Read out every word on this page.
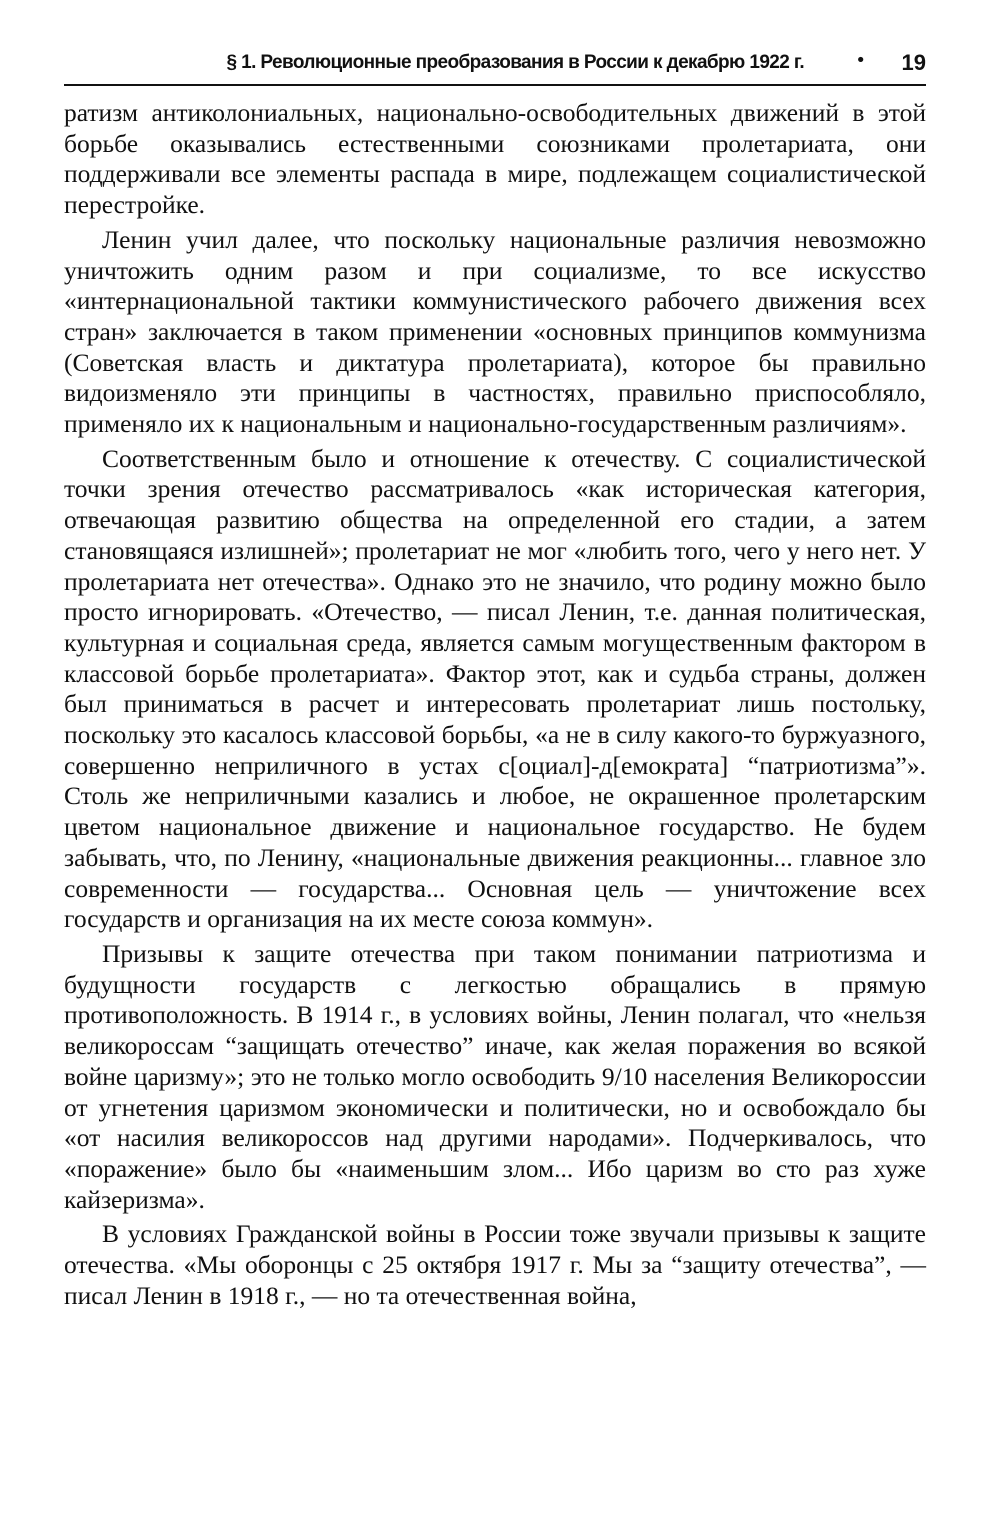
§ 1. Революционные преобразования в России к декабрю 1922 г.	• 19

ратизм антиколониальных, национально-освободительных движений в этой борьбе оказывались естественными союзниками пролетариата, они поддерживали все элементы распада в мире, подлежащем социалистической перестройке.

Ленин учил далее, что поскольку национальные различия невозможно уничтожить одним разом и при социализме, то все искусство «интернациональной тактики коммунистического рабочего движения всех стран» заключается в таком применении «основных принципов коммунизма (Советская власть и диктатура пролетариата), которое бы правильно видоизменяло эти принципы в частностях, правильно приспособляло, применяло их к национальным и национально-государственным различиям».

Соответственным было и отношение к отечеству. С социалистической точки зрения отечество рассматривалось «как историческая категория, отвечающая развитию общества на определенной его стадии, а затем становящаяся излишней»; пролетариат не мог «любить того, чего у него нет. У пролетариата нет отечества». Однако это не значило, что родину можно было просто игнорировать. «Отечество, — писал Ленин, т.е. данная политическая, культурная и социальная среда, является самым могущественным фактором в классовой борьбе пролетариата». Фактор этот, как и судьба страны, должен был приниматься в расчет и интересовать пролетариат лишь постольку, поскольку это касалось классовой борьбы, «а не в силу какого-то буржуазного, совершенно неприличного в устах с[оциал]-д[емократа] “патриотизма”». Столь же неприличными казались и любое, не окрашенное пролетарским цветом национальное движение и национальное государство. Не будем забывать, что, по Ленину, «национальные движения реакционны... главное зло современности — государства... Основная цель — уничтожение всех государств и организация на их месте союза коммун».

Призывы к защите отечества при таком понимании патриотизма и будущности государств с легкостью обращались в прямую противоположность. В 1914 г., в условиях войны, Ленин полагал, что «нельзя великороссам “защищать отечество” иначе, как желая поражения во всякой войне царизму»; это не только могло освободить 9/10 населения Великороссии от угнетения царизмом экономически и политически, но и освобождало бы «от насилия великороссов над другими народами». Подчеркивалось, что «поражение» было бы «наименьшим злом... Ибо царизм во сто раз хуже кайзеризма».

В условиях Гражданской войны в России тоже звучали призывы к защите отечества. «Мы оборонцы с 25 октября 1917 г. Мы за “защиту отечества”, — писал Ленин в 1918 г., — но та отечественная война,
